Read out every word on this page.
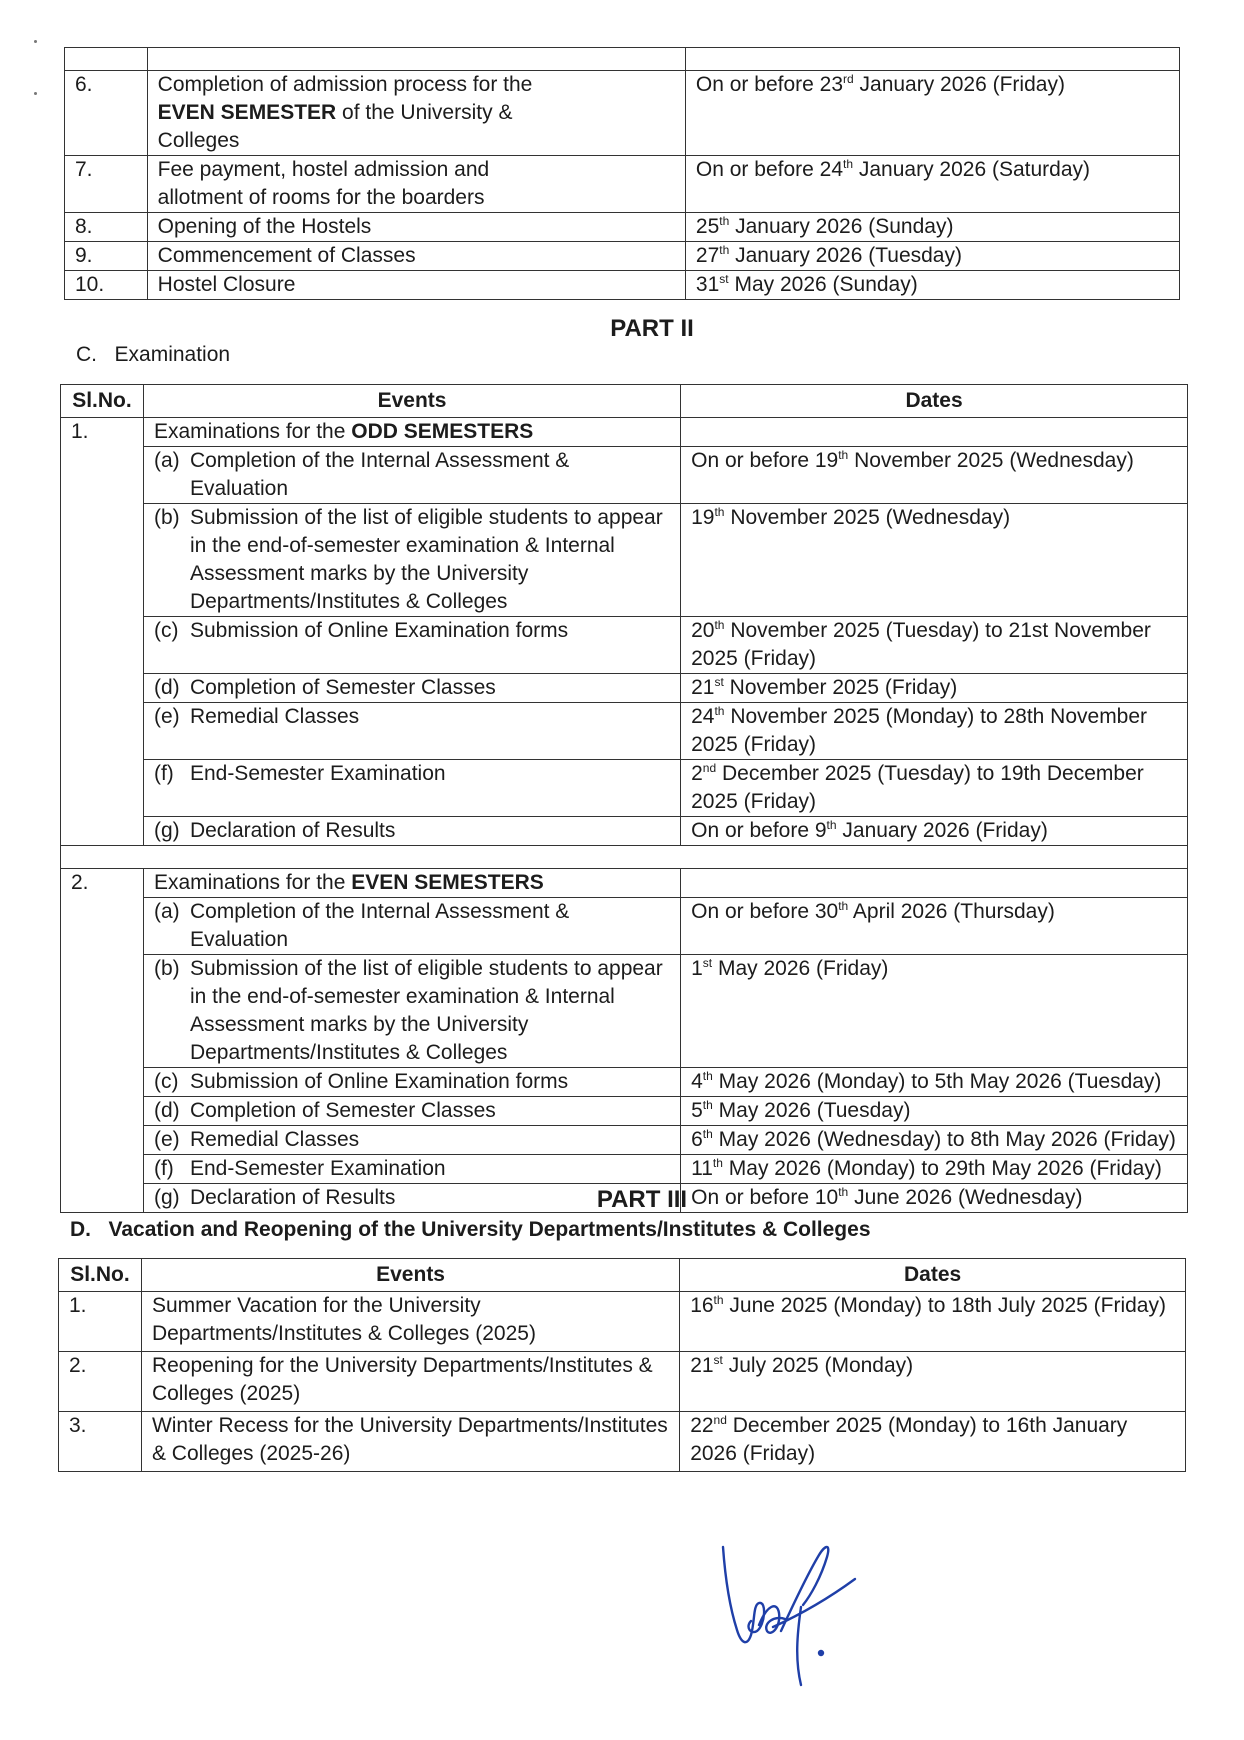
6.	Completion of admission process for the EVEN SEMESTER of the University & Colleges	On or before 23rd January 2026 (Friday)
7.	Fee payment, hostel admission and allotment of rooms for the boarders	On or before 24th January 2026 (Saturday)
8.	Opening of the Hostels	25th January 2026 (Sunday)
9.	Commencement of Classes	27th January 2026 (Tuesday)
10.	Hostel Closure	31st May 2026 (Sunday)
PART II
C. Examination
Sl.No.	Events	Dates
1.	Examinations for the ODD SEMESTERS	

	(a) Completion of the Internal Assessment & Evaluation	On or before 19th November 2025 (Wednesday)

	(b) Submission of the list of eligible students to appear in the end-of-semester examination & Internal Assessment marks by the University Departments/Institutes & Colleges	19th November 2025 (Wednesday)

	(c) Submission of Online Examination forms	20th November 2025 (Tuesday) to 21st November 2025 (Friday)

	(d) Completion of Semester Classes	21st November 2025 (Friday)

	(e) Remedial Classes	24th November 2025 (Monday) to 28th November 2025 (Friday)

	(f) End-Semester Examination	2nd December 2025 (Tuesday) to 19th December 2025 (Friday)

	(g) Declaration of Results	On or before 9th January 2026 (Friday)

2.	Examinations for the EVEN SEMESTERS	

	(a) Completion of the Internal Assessment & Evaluation	On or before 30th April 2026 (Thursday)

	(b) Submission of the list of eligible students to appear in the end-of-semester examination & Internal Assessment marks by the University Departments/Institutes & Colleges	1st May 2026 (Friday)

	(c) Submission of Online Examination forms	4th May 2026 (Monday) to 5th May 2026 (Tuesday)

	(d) Completion of Semester Classes	5th May 2026 (Tuesday)

	(e) Remedial Classes	6th May 2026 (Wednesday) to 8th May 2026 (Friday)

	(f) End-Semester Examination	11th May 2026 (Monday) to 29th May 2026 (Friday)

	(g) Declaration of Results	On or before 10th June 2026 (Wednesday)
PART III
D. Vacation and Reopening of the University Departments/Institutes & Colleges
Sl.No.	Events	Dates
1.	Summer Vacation for the University Departments/Institutes & Colleges (2025)	16th June 2025 (Monday) to 18th July 2025 (Friday)
2.	Reopening for the University Departments/Institutes & Colleges (2025)	21st July 2025 (Monday)
3.	Winter Recess for the University Departments/Institutes & Colleges (2025-26)	22nd December 2025 (Monday) to 16th January 2026 (Friday)
